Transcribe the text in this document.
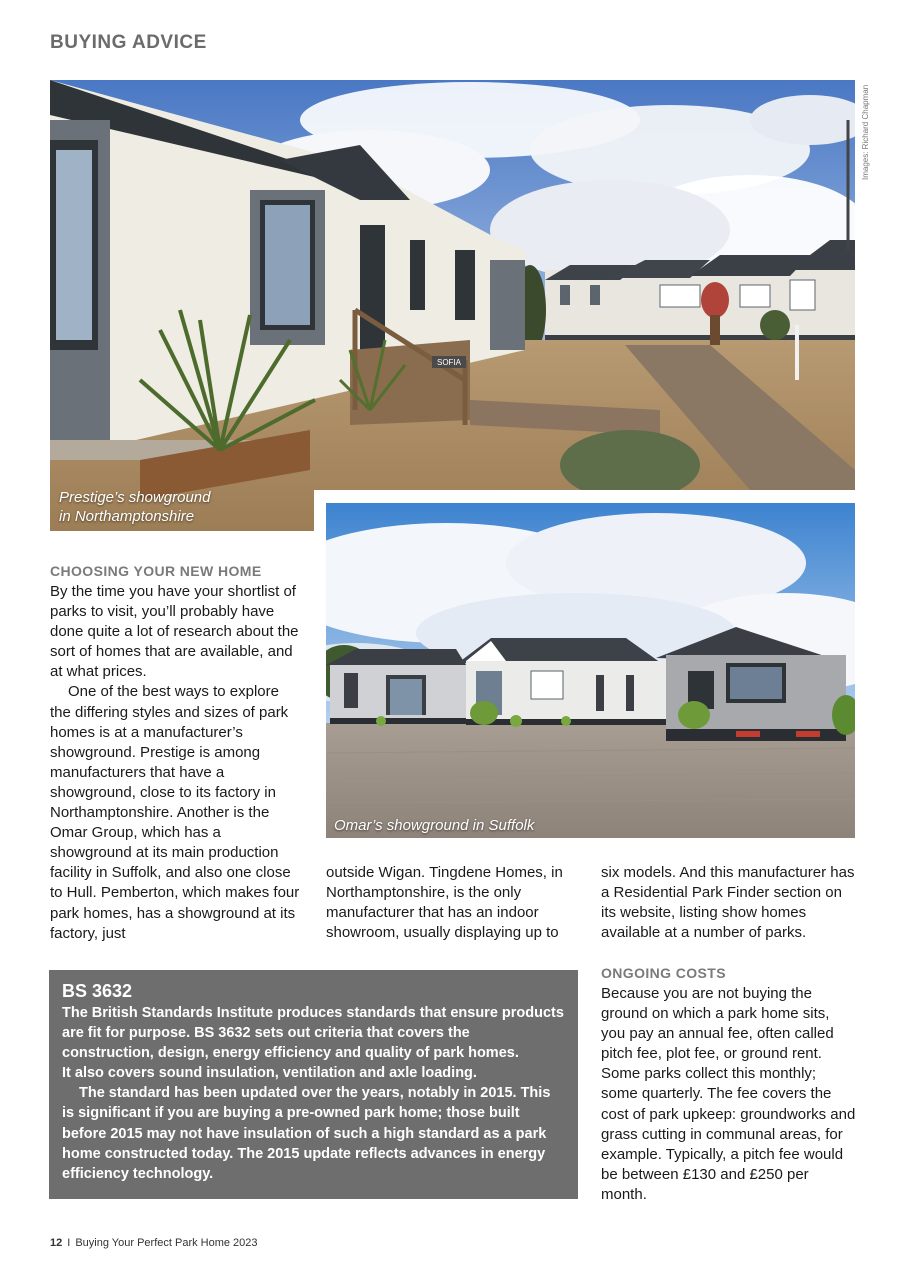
BUYING ADVICE
Images: Richard Chapman
SOFIA
Prestige’s showground
in Northamptonshire
Omar’s showground in Suffolk
CHOOSING YOUR NEW HOME

By the time you have your shortlist of parks to visit, you’ll probably have done quite a lot of research about the sort of homes that are available, and at what prices.

One of the best ways to explore the differing styles and sizes of park homes is at a manufacturer’s showground. Prestige is among manufacturers that have a showground, close to its factory in Northamptonshire. Another is the Omar Group, which has a showground at its main production facility in Suffolk, and also one close to Hull. Pemberton, which makes four park homes, has a showground at its factory, just

outside Wigan. Tingdene Homes, in Northamptonshire, is the only manufacturer that has an indoor showroom, usually displaying up to

six models. And this manufacturer has a Residential Park Finder section on its website, listing show homes available at a number of parks.

ONGOING COSTS

Because you are not buying the ground on which a park home sits, you pay an annual fee, often called pitch fee, plot fee, or ground rent. Some parks collect this monthly; some quarterly. The fee covers the cost of park upkeep: groundworks and grass cutting in communal areas, for example. Typically, a pitch fee would be between £130 and £250 per month.

BS 3632

The British Standards Institute produces standards that ensure products are fit for purpose. BS 3632 sets out criteria that covers the construction, design, energy efficiency and quality of park homes.

It also covers sound insulation, ventilation and axle loading.

The standard has been updated over the years, notably in 2015. This is significant if you are buying a pre-owned park home; those built before 2015 may not have insulation of such a high standard as a park home constructed today. The 2015 update reflects advances in energy efficiency technology.

12 I Buying Your Perfect Park Home 2023
